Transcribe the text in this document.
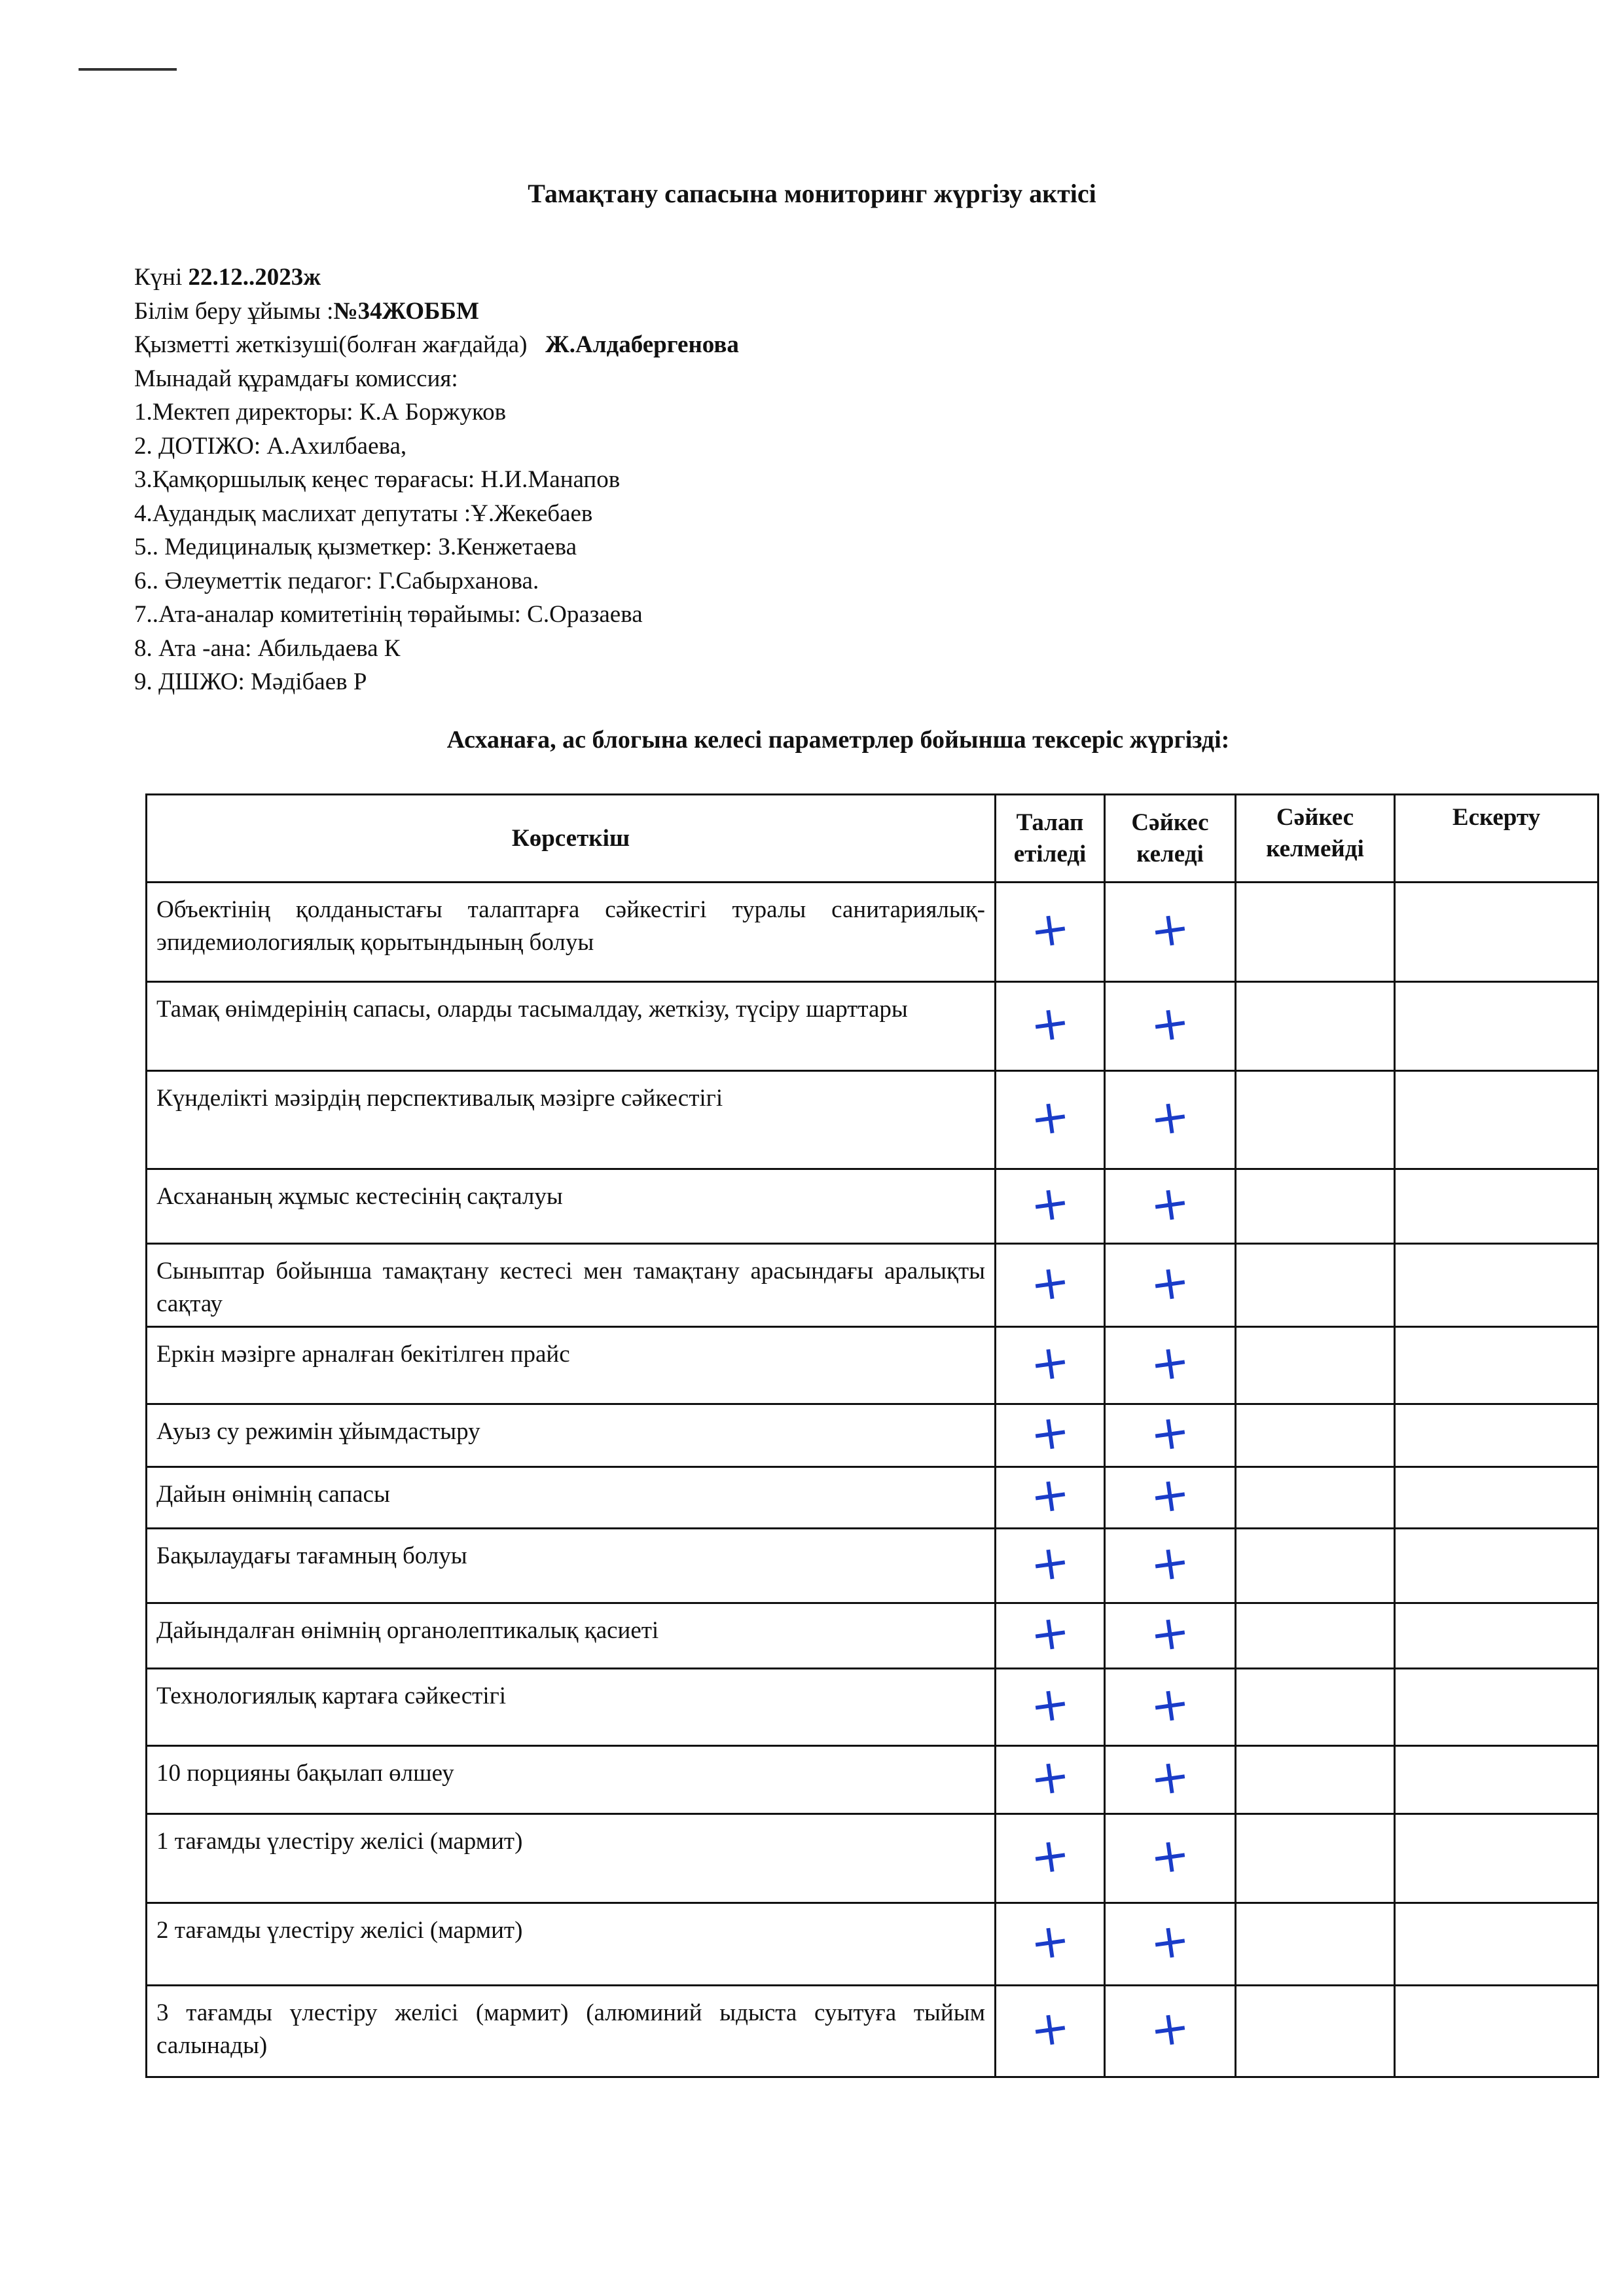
Тамақтану сапасына мониторинг жүргізу актісі
Күні 22.12..2023ж
Білім беру ұйымы :№34ЖОББМ
Қызметті жеткізуші(болған жағдайда)   Ж.Алдабергенова
Мынадай құрамдағы комиссия:
1.Мектеп директоры: К.А Боржуков
2. ДОТІЖО: А.Ахилбаева,
3.Қамқоршылық кеңес төрағасы: Н.И.Манапов
4.Аудандық маслихат депутаты :Ұ.Жекебаев
5.. Медициналық қызметкер: З.Кенжетаева
6.. Әлеуметтік педагог: Г.Сабырханова.
7..Ата-аналар комитетінің төрайымы: С.Оразаева
8. Ата -ана: Абильдаева К
9. ДШЖО: Мәдібаев Р
Асханаға, ас блогына келесі параметрлер бойынша тексеріс жүргізді:
Көрсеткіш	Талап етіледі	Сәйкес келеді	Сәйкес келмейді	Ескерту
Объектінің қолданыстағы талаптарға сәйкестігі туралы санитариялық-эпидемиологиялық қорытындының болуы	+	+		
Тамақ өнімдерінің сапасы, оларды тасымалдау, жеткізу, түсіру шарттары	+	+		
Күнделікті мәзірдің перспективалық мәзірге сәйкестігі	+	+		
Асхананың жұмыс кестесінің сақталуы	+	+		
Сыныптар бойынша тамақтану кестесі мен тамақтану арасындағы аралықты сақтау	+	+		
Еркін мәзірге арналған бекітілген прайс	+	+		
Ауыз су режимін ұйымдастыру	+	+		
Дайын өнімнің сапасы	+	+		
Бақылаудағы тағамның болуы	+	+		
Дайындалған өнімнің органолептикалық қасиеті	+	+		
Технологиялық картаға сәйкестігі	+	+		
10 порцияны бақылап өлшеу	+	+		
1 тағамды үлестіру желісі (мармит)	+	+		
2 тағамды үлестіру желісі (мармит)	+	+		
3 тағамды үлестіру желісі (мармит) (алюминий ыдыста суытуға тыйым салынады)	+	+		
